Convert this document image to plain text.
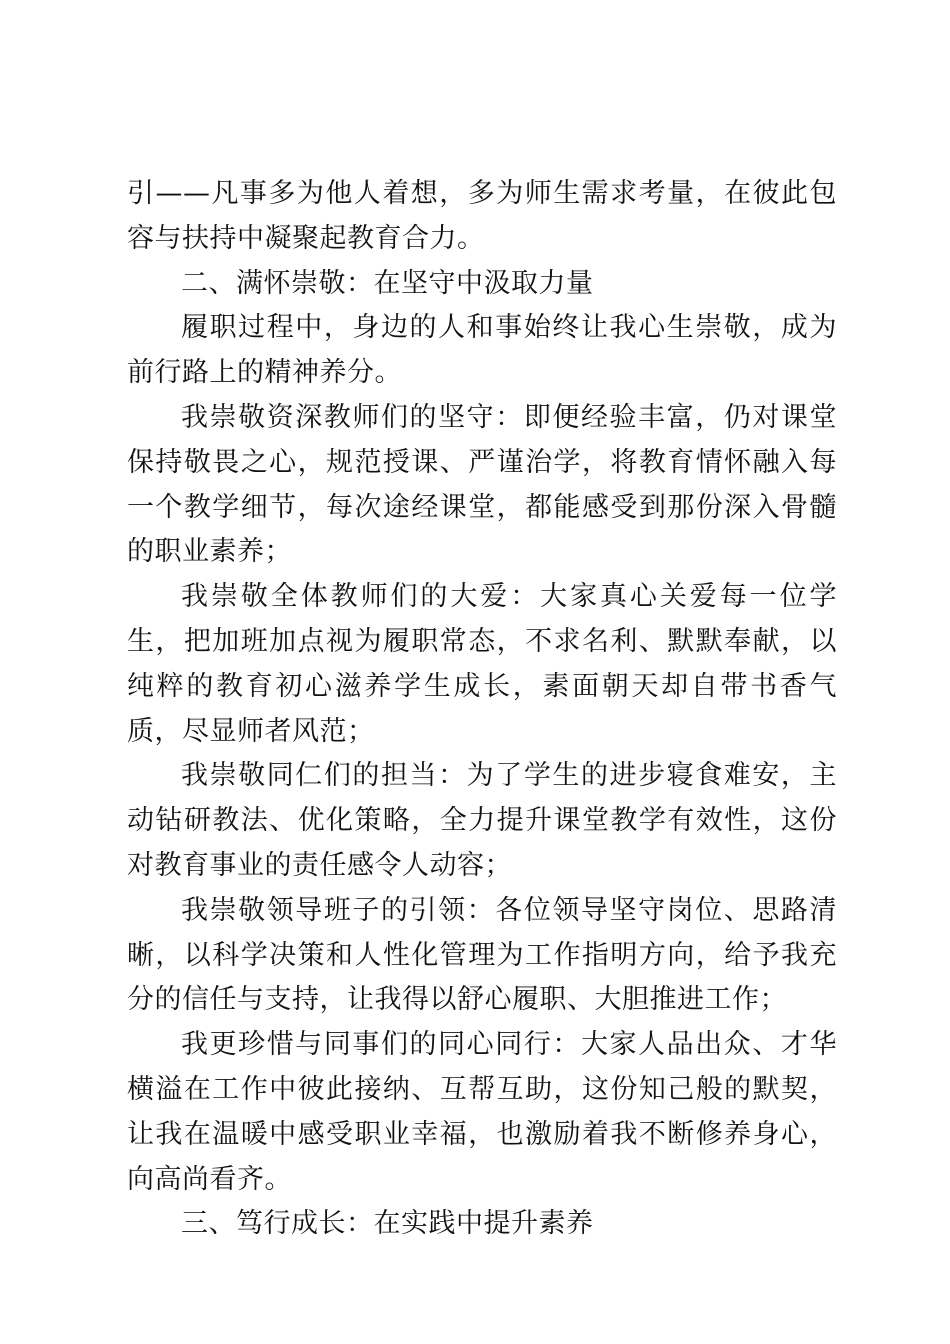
引——凡事多为他人着想，多为师生需求考量，在彼此包容与扶持中凝聚起教育合力。

二、满怀崇敬：在坚守中汲取力量

履职过程中，身边的人和事始终让我心生崇敬，成为前行路上的精神养分。

我崇敬资深教师们的坚守：即便经验丰富，仍对课堂保持敬畏之心，规范授课、严谨治学，将教育情怀融入每一个教学细节，每次途经课堂，都能感受到那份深入骨髓的职业素养；

我崇敬全体教师们的大爱：大家真心关爱每一位学生，把加班加点视为履职常态，不求名利、默默奉献，以纯粹的教育初心滋养学生成长，素面朝天却自带书香气质，尽显师者风范；

我崇敬同仁们的担当：为了学生的进步寝食难安，主动钻研教法、优化策略，全力提升课堂教学有效性，这份对教育事业的责任感令人动容；

我崇敬领导班子的引领：各位领导坚守岗位、思路清晰，以科学决策和人性化管理为工作指明方向，给予我充分的信任与支持，让我得以舒心履职、大胆推进工作；

我更珍惜与同事们的同心同行：大家人品出众、才华横溢在工作中彼此接纳、互帮互助，这份知己般的默契，让我在温暖中感受职业幸福，也激励着我不断修养身心，向高尚看齐。

三、笃行成长：在实践中提升素养
